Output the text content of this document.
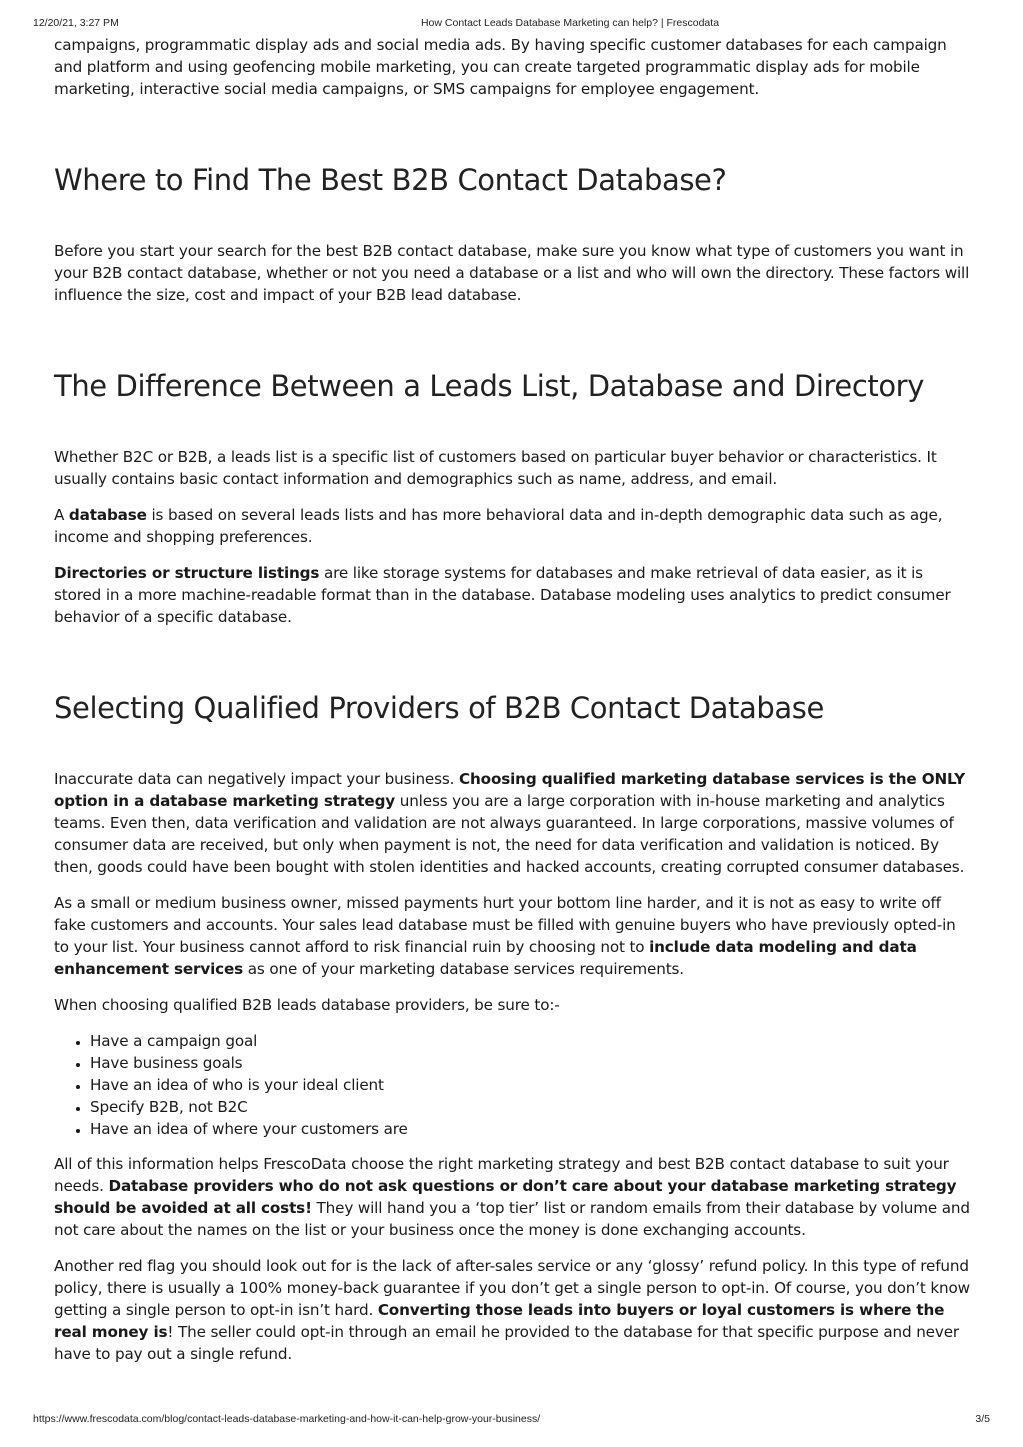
12/20/21, 3:27 PM	How Contact Leads Database Marketing can help? | Frescodata

campaigns, programmatic display ads and social media ads. By having specific customer databases for each campaign and platform and using geofencing mobile marketing, you can create targeted programmatic display ads for mobile marketing, interactive social media campaigns, or SMS campaigns for employee engagement.

Where to Find The Best B2B Contact Database?

Before you start your search for the best B2B contact database, make sure you know what type of customers you want in your B2B contact database, whether or not you need a database or a list and who will own the directory. These factors will influence the size, cost and impact of your B2B lead database.

The Difference Between a Leads List, Database and Directory

Whether B2C or B2B, a leads list is a specific list of customers based on particular buyer behavior or characteristics. It usually contains basic contact information and demographics such as name, address, and email.

A database is based on several leads lists and has more behavioral data and in-depth demographic data such as age, income and shopping preferences.

Directories or structure listings are like storage systems for databases and make retrieval of data easier, as it is stored in a more machine-readable format than in the database. Database modeling uses analytics to predict consumer behavior of a specific database.

Selecting Qualified Providers of B2B Contact Database

Inaccurate data can negatively impact your business. Choosing qualified marketing database services is the ONLY option in a database marketing strategy unless you are a large corporation with in-house marketing and analytics teams. Even then, data verification and validation are not always guaranteed. In large corporations, massive volumes of consumer data are received, but only when payment is not, the need for data verification and validation is noticed. By then, goods could have been bought with stolen identities and hacked accounts, creating corrupted consumer databases.

As a small or medium business owner, missed payments hurt your bottom line harder, and it is not as easy to write off fake customers and accounts. Your sales lead database must be filled with genuine buyers who have previously opted-in to your list. Your business cannot afford to risk financial ruin by choosing not to include data modeling and data enhancement services as one of your marketing database services requirements.

When choosing qualified B2B leads database providers, be sure to:-

• Have a campaign goal
• Have business goals
• Have an idea of who is your ideal client
• Specify B2B, not B2C
• Have an idea of where your customers are

All of this information helps FrescoData choose the right marketing strategy and best B2B contact database to suit your needs. Database providers who do not ask questions or don’t care about your database marketing strategy should be avoided at all costs! They will hand you a ‘top tier’ list or random emails from their database by volume and not care about the names on the list or your business once the money is done exchanging accounts.

Another red flag you should look out for is the lack of after-sales service or any ‘glossy’ refund policy. In this type of refund policy, there is usually a 100% money-back guarantee if you don’t get a single person to opt-in. Of course, you don’t know getting a single person to opt-in isn’t hard. Converting those leads into buyers or loyal customers is where the real money is! The seller could opt-in through an email he provided to the database for that specific purpose and never have to pay out a single refund.

https://www.frescodata.com/blog/contact-leads-database-marketing-and-how-it-can-help-grow-your-business/	3/5
